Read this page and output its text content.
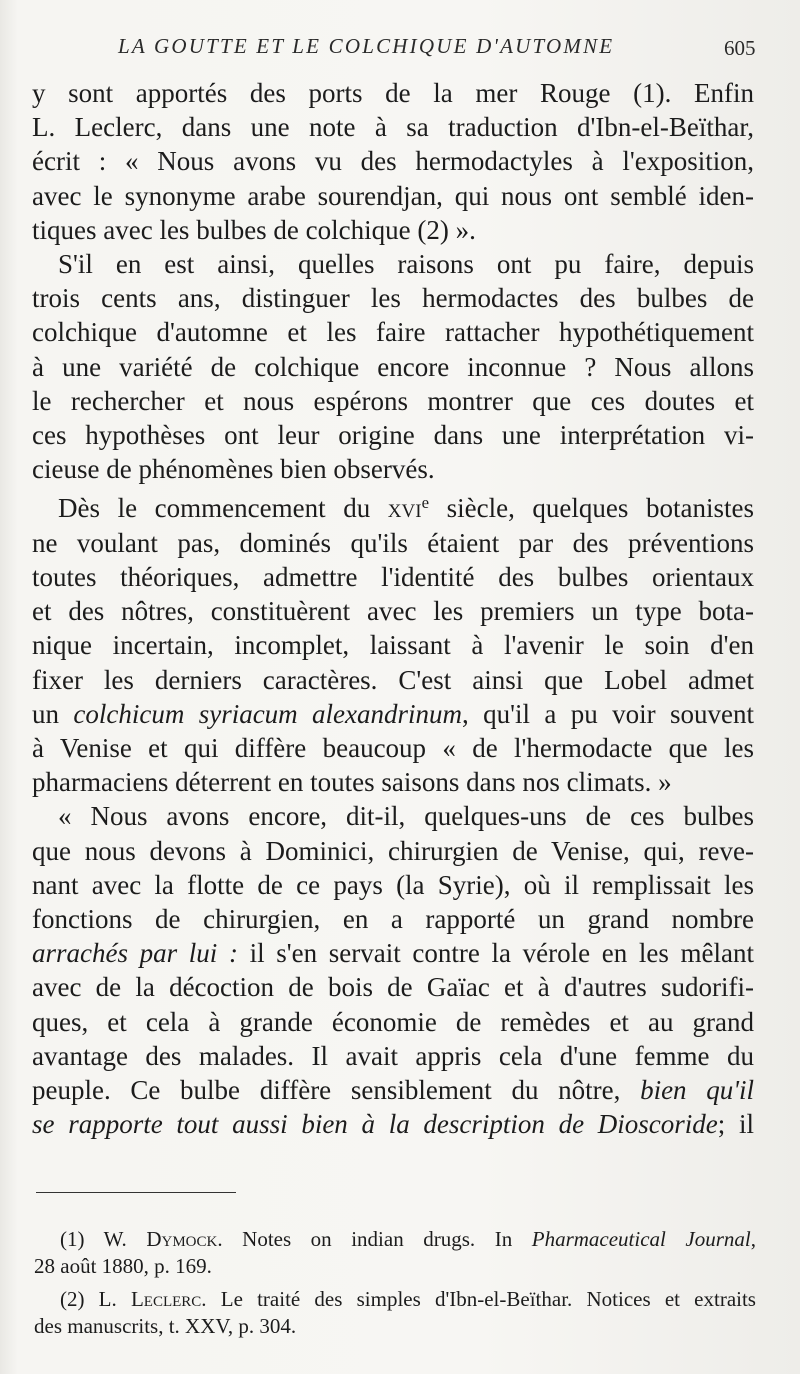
LA GOUTTE ET LE COLCHIQUE D'AUTOMNE	605

y sont apportés des ports de la mer Rouge (1). Enfin
L. Leclerc, dans une note à sa traduction d'Ibn-el-Beïthar,
écrit : « Nous avons vu des hermodactyles à l'exposition,
avec le synonyme arabe sourendjan, qui nous ont semblé iden-
tiques avec les bulbes de colchique (2) ».

S'il en est ainsi, quelles raisons ont pu faire, depuis
trois cents ans, distinguer les hermodactes des bulbes de
colchique d'automne et les faire rattacher hypothétiquement
à une variété de colchique encore inconnue ? Nous allons
le rechercher et nous espérons montrer que ces doutes et
ces hypothèses ont leur origine dans une interprétation vi-
cieuse de phénomènes bien observés.

Dès le commencement du xvi$^e$ siècle, quelques botanistes
ne voulant pas, dominés qu'ils étaient par des préventions
toutes théoriques, admettre l'identité des bulbes orientaux
et des nôtres, constituèrent avec les premiers un type bota-
nique incertain, incomplet, laissant à l'avenir le soin d'en
fixer les derniers caractères. C'est ainsi que Lobel admet
un colchicum syriacum alexandrinum, qu'il a pu voir souvent
à Venise et qui diffère beaucoup « de l'hermodacte que les
pharmaciens déterrent en toutes saisons dans nos climats. »

« Nous avons encore, dit-il, quelques-uns de ces bulbes
que nous devons à Dominici, chirurgien de Venise, qui, reve-
nant avec la flotte de ce pays (la Syrie), où il remplissait les
fonctions de chirurgien, en a rapporté un grand nombre
arrachés par lui : il s'en servait contre la vérole en les mêlant
avec de la décoction de bois de Gaïac et à d'autres sudorifi-
ques, et cela à grande économie de remèdes et au grand
avantage des malades. Il avait appris cela d'une femme du
peuple. Ce bulbe diffère sensiblement du nôtre, bien qu'il
se rapporte tout aussi bien à la description de Dioscoride; il

(1) W. Dymock. Notes on indian drugs. In Pharmaceutical Journal,
28 août 1880, p. 169.
(2) L. Leclerc. Le traité des simples d'Ibn-el-Beïthar. Notices et extraits
des manuscrits, t. XXV, p. 304.
